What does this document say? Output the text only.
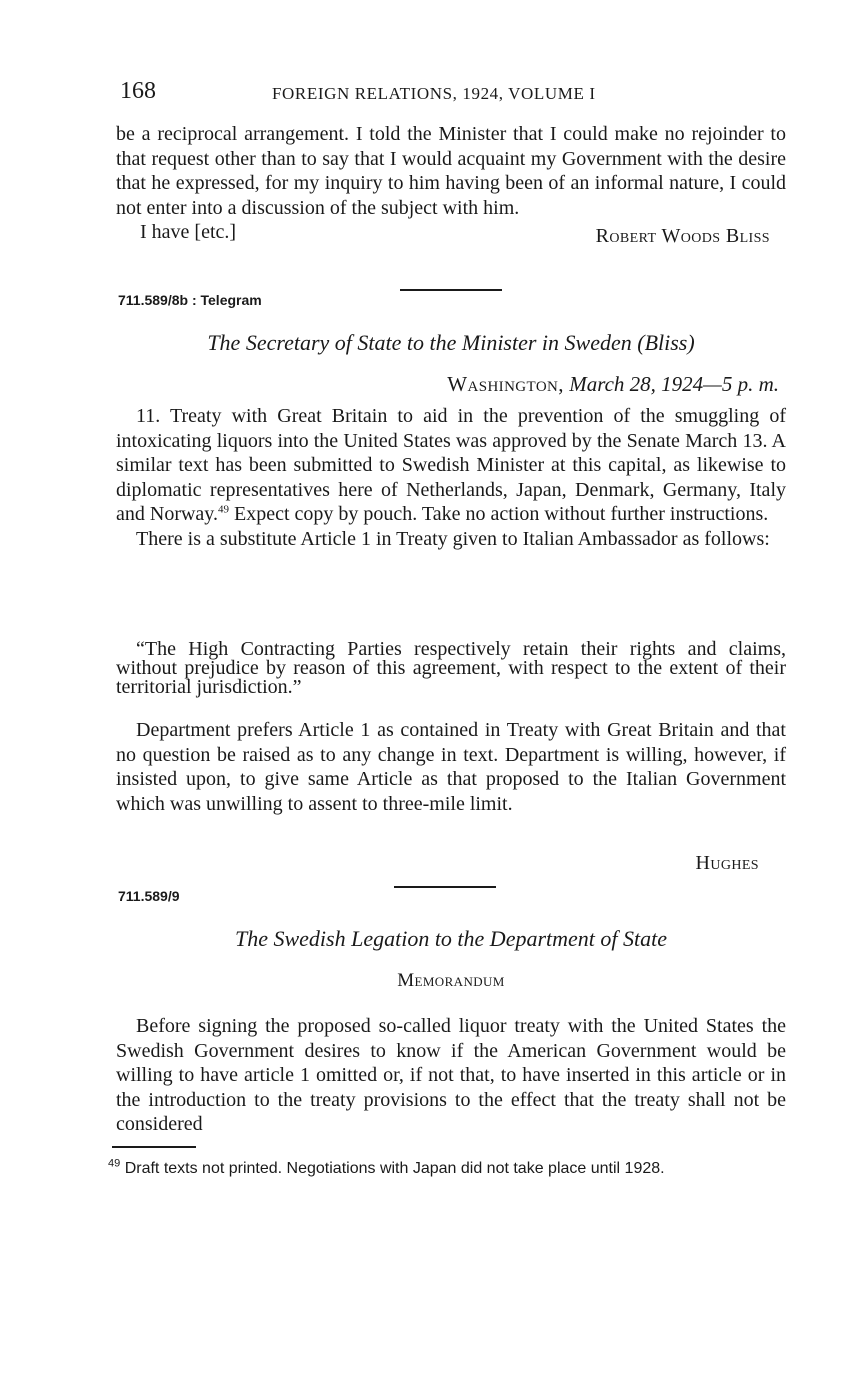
168	FOREIGN RELATIONS, 1924, VOLUME I

be a reciprocal arrangement. I told the Minister that I could make no rejoinder to that request other than to say that I would acquaint my Government with the desire that he expressed, for my inquiry to him having been of an informal nature, I could not enter into a discussion of the subject with him.

I have [etc.]	Robert Woods Bliss
711.589/8b : Telegram
The Secretary of State to the Minister in Sweden (Bliss)
Washington, March 28, 1924—5 p. m.

11. Treaty with Great Britain to aid in the prevention of the smuggling of intoxicating liquors into the United States was approved by the Senate March 13. A similar text has been submitted to Swedish Minister at this capital, as likewise to diplomatic representatives here of Netherlands, Japan, Denmark, Germany, Italy and Norway.$^{49}$ Expect copy by pouch. Take no action without further instructions.

There is a substitute Article 1 in Treaty given to Italian Ambassador as follows:

“The High Contracting Parties respectively retain their rights and claims, without prejudice by reason of this agreement, with respect to the extent of their territorial jurisdiction.”

Department prefers Article 1 as contained in Treaty with Great Britain and that no question be raised as to any change in text. Department is willing, however, if insisted upon, to give same Article as that proposed to the Italian Government which was unwilling to assent to three-mile limit.

Hughes
711.589/9
The Swedish Legation to the Department of State
Memorandum

Before signing the proposed so-called liquor treaty with the United States the Swedish Government desires to know if the American Government would be willing to have article 1 omitted or, if not that, to have inserted in this article or in the introduction to the treaty provisions to the effect that the treaty shall not be considered

$^{49}$ Draft texts not printed. Negotiations with Japan did not take place until 1928.
